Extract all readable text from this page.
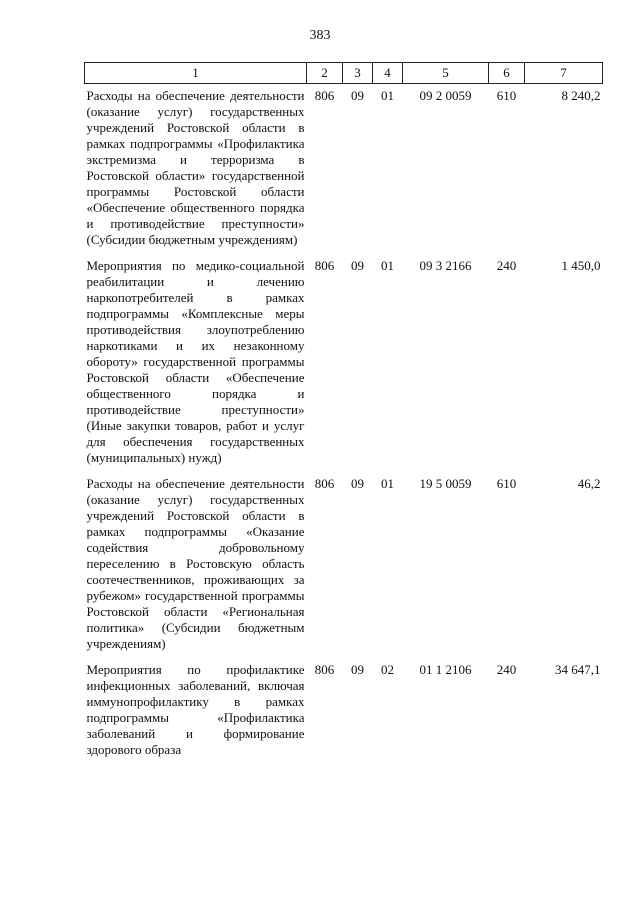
383
1	2	3	4	5	6	7
Расходы на обеспечение деятельности (оказание услуг) государственных учреждений Ростовской области в рамках подпрограммы «Профилактика экстремизма и терроризма в Ростовской области» государственной программы Ростовской области «Обеспечение общественного порядка и противодействие преступности» (Субсидии бюджетным учреждениям)	806	09	01	09 2 0059	610	8 240,2
Мероприятия по медико-социальной реабилитации и лечению наркопотребителей в рамках подпрограммы «Комплексные меры противодействия злоупотреблению наркотиками и их незаконному обороту» государственной программы Ростовской области «Обеспечение общественного порядка и противодействие преступности» (Иные закупки товаров, работ и услуг для обеспечения государственных (муниципальных) нужд)	806	09	01	09 3 2166	240	1 450,0
Расходы на обеспечение деятельности (оказание услуг) государственных учреждений Ростовской области в рамках подпрограммы «Оказание содействия добровольному переселению в Ростовскую область соотечественников, проживающих за рубежом» государственной программы Ростовской области «Региональная политика» (Субсидии бюджетным учреждениям)	806	09	01	19 5 0059	610	46,2
Мероприятия по профилактике инфекционных заболеваний, включая иммунопрофилактику в рамках подпрограммы «Профилактика заболеваний и формирование здорового образа	806	09	02	01 1 2106	240	34 647,1
